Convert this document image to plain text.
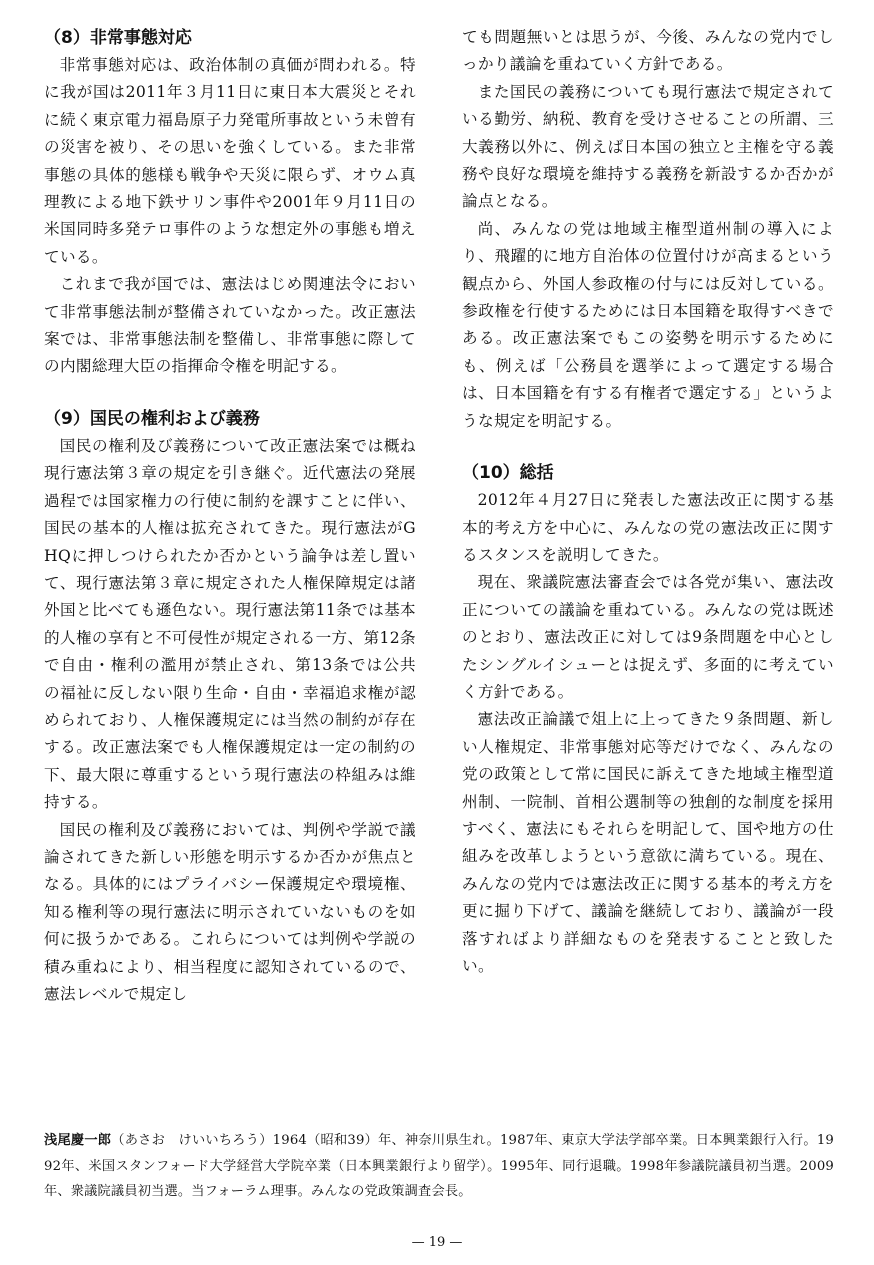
（8）非常事態対応

非常事態対応は、政治体制の真価が問われる。特に我が国は2011年３月11日に東日本大震災とそれに続く東京電力福島原子力発電所事故という未曾有の災害を被り、その思いを強くしている。また非常事態の具体的態様も戦争や天災に限らず、オウム真理教による地下鉄サリン事件や2001年９月11日の米国同時多発テロ事件のような想定外の事態も増えている。

これまで我が国では、憲法はじめ関連法令において非常事態法制が整備されていなかった。改正憲法案では、非常事態法制を整備し、非常事態に際しての内閣総理大臣の指揮命令権を明記する。

（9）国民の権利および義務

国民の権利及び義務について改正憲法案では概ね現行憲法第３章の規定を引き継ぐ。近代憲法の発展過程では国家権力の行使に制約を課すことに伴い、国民の基本的人権は拡充されてきた。現行憲法がGHQに押しつけられたか否かという論争は差し置いて、現行憲法第３章に規定された人権保障規定は諸外国と比べても遜色ない。現行憲法第11条では基本的人権の享有と不可侵性が規定される一方、第12条で自由・権利の濫用が禁止され、第13条では公共の福祉に反しない限り生命・自由・幸福追求権が認められており、人権保護規定には当然の制約が存在する。改正憲法案でも人権保護規定は一定の制約の下、最大限に尊重するという現行憲法の枠組みは維持する。

国民の権利及び義務においては、判例や学説で議論されてきた新しい形態を明示するか否かが焦点となる。具体的にはプライバシー保護規定や環境権、知る権利等の現行憲法に明示されていないものを如何に扱うかである。これらについては判例や学説の積み重ねにより、相当程度に認知されているので、憲法レベルで規定し

ても問題無いとは思うが、今後、みんなの党内でしっかり議論を重ねていく方針である。

また国民の義務についても現行憲法で規定されている勤労、納税、教育を受けさせることの所謂、三大義務以外に、例えば日本国の独立と主権を守る義務や良好な環境を維持する義務を新設するか否かが論点となる。

尚、みんなの党は地域主権型道州制の導入により、飛躍的に地方自治体の位置付けが高まるという観点から、外国人参政権の付与には反対している。参政権を行使するためには日本国籍を取得すべきである。改正憲法案でもこの姿勢を明示するためにも、例えば「公務員を選挙によって選定する場合は、日本国籍を有する有権者で選定する」というような規定を明記する。

（10）総括

2012年４月27日に発表した憲法改正に関する基本的考え方を中心に、みんなの党の憲法改正に関するスタンスを説明してきた。

現在、衆議院憲法審査会では各党が集い、憲法改正についての議論を重ねている。みんなの党は既述のとおり、憲法改正に対しては9条問題を中心としたシングルイシューとは捉えず、多面的に考えていく方針である。

憲法改正論議で俎上に上ってきた９条問題、新しい人権規定、非常事態対応等だけでなく、みんなの党の政策として常に国民に訴えてきた地域主権型道州制、一院制、首相公選制等の独創的な制度を採用すべく、憲法にもそれらを明記して、国や地方の仕組みを改革しようという意欲に満ちている。現在、みんなの党内では憲法改正に関する基本的考え方を更に掘り下げて、議論を継続しており、議論が一段落すればより詳細なものを発表することと致したい。

浅尾慶一郎（あさお　けいいちろう）1964（昭和39）年、神奈川県生れ。1987年、東京大学法学部卒業。日本興業銀行入行。1992年、米国スタンフォード大学経営大学院卒業（日本興業銀行より留学）。1995年、同行退職。1998年参議院議員初当選。2009年、衆議院議員初当選。当フォーラム理事。みんなの党政策調査会長。

— 19 —
